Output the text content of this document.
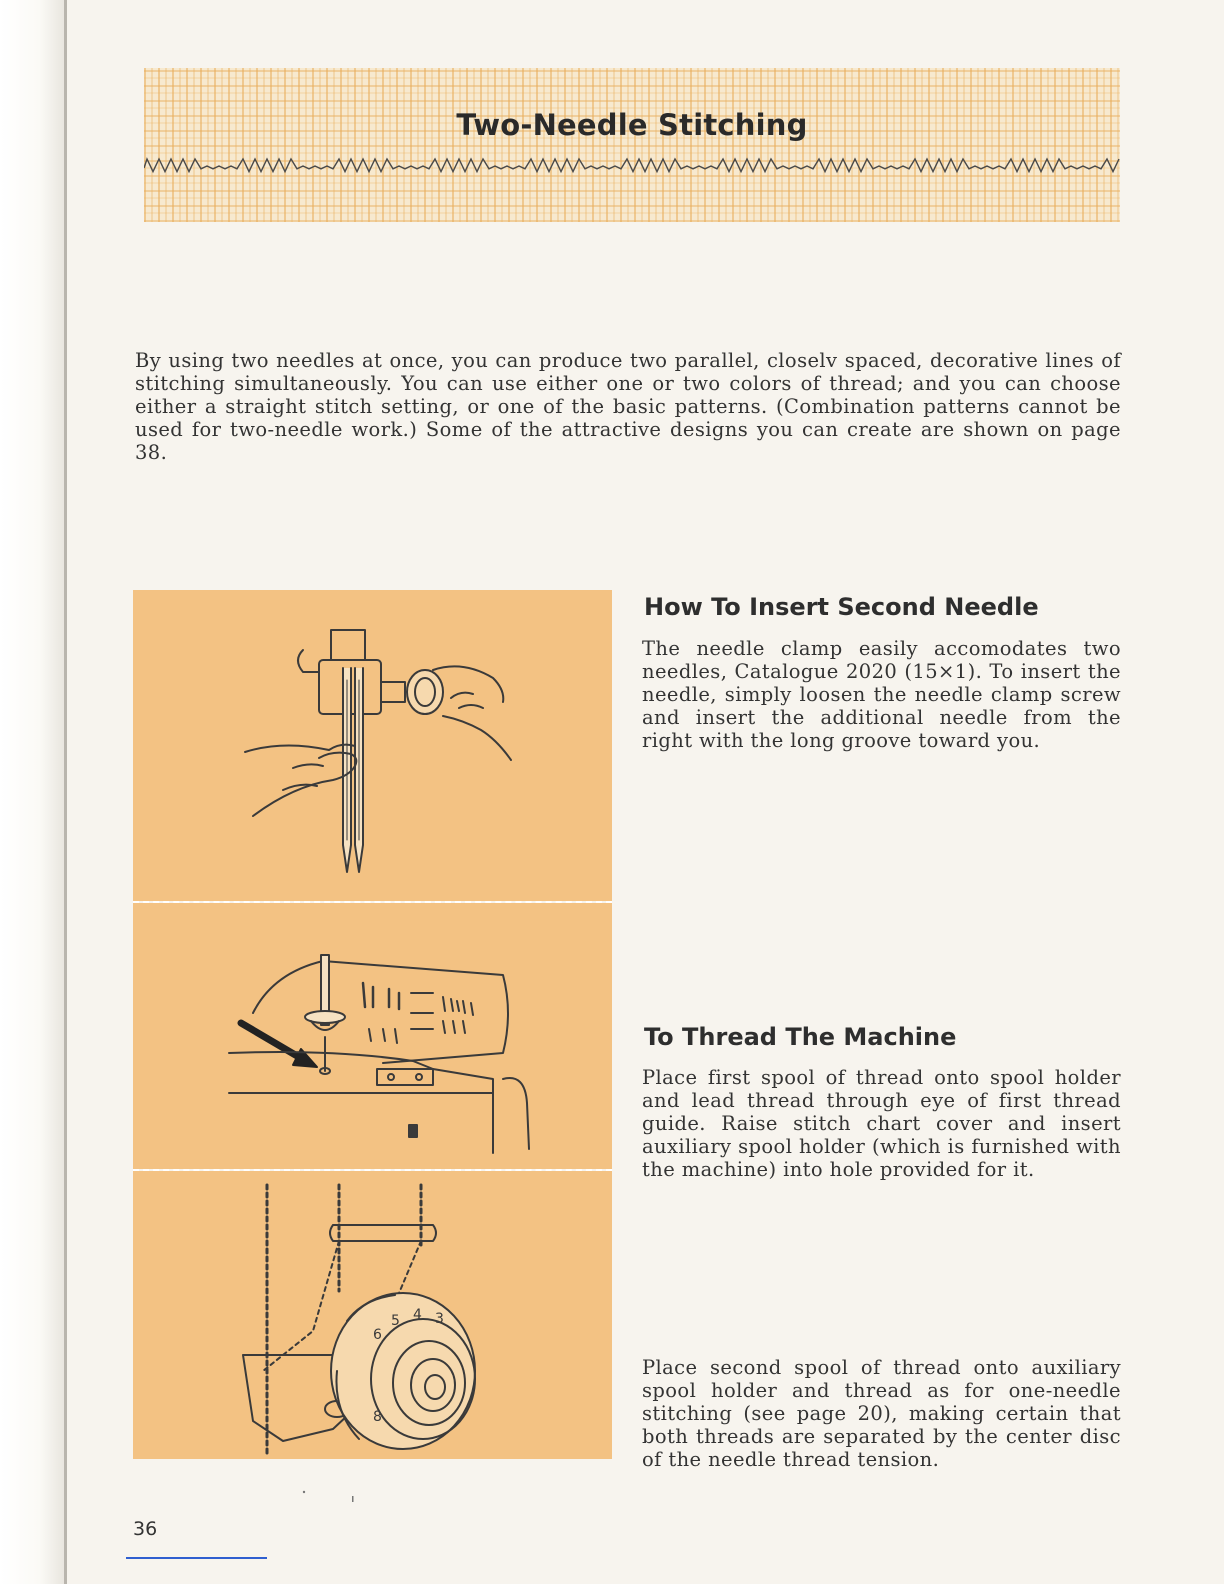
Two-Needle Stitching
By using two needles at once, you can produce two parallel, closelv spaced, decorative lines of stitching simultaneously. You can use either one or two colors of thread; and you can choose either a straight stitch setting, or one of the basic patterns. (Combination patterns cannot be used for two-needle work.) Some of the attractive designs you can create are shown on page 38.
6
5 4 3
8
How To Insert Second Needle
The needle clamp easily accomodates two needles, Catalogue 2020 (15×1). To insert the needle, simply loosen the needle clamp screw and insert the additional needle from the right with the long groove toward you.
To Thread The Machine
Place first spool of thread onto spool holder and lead thread through eye of first thread guide. Raise stitch chart cover and insert auxiliary spool holder (which is furnished with the machine) into hole provided for it.
Place second spool of thread onto auxiliary spool holder and thread as for one-needle stitching (see page 20), making certain that both threads are separated by the center disc of the needle thread tension.
36
